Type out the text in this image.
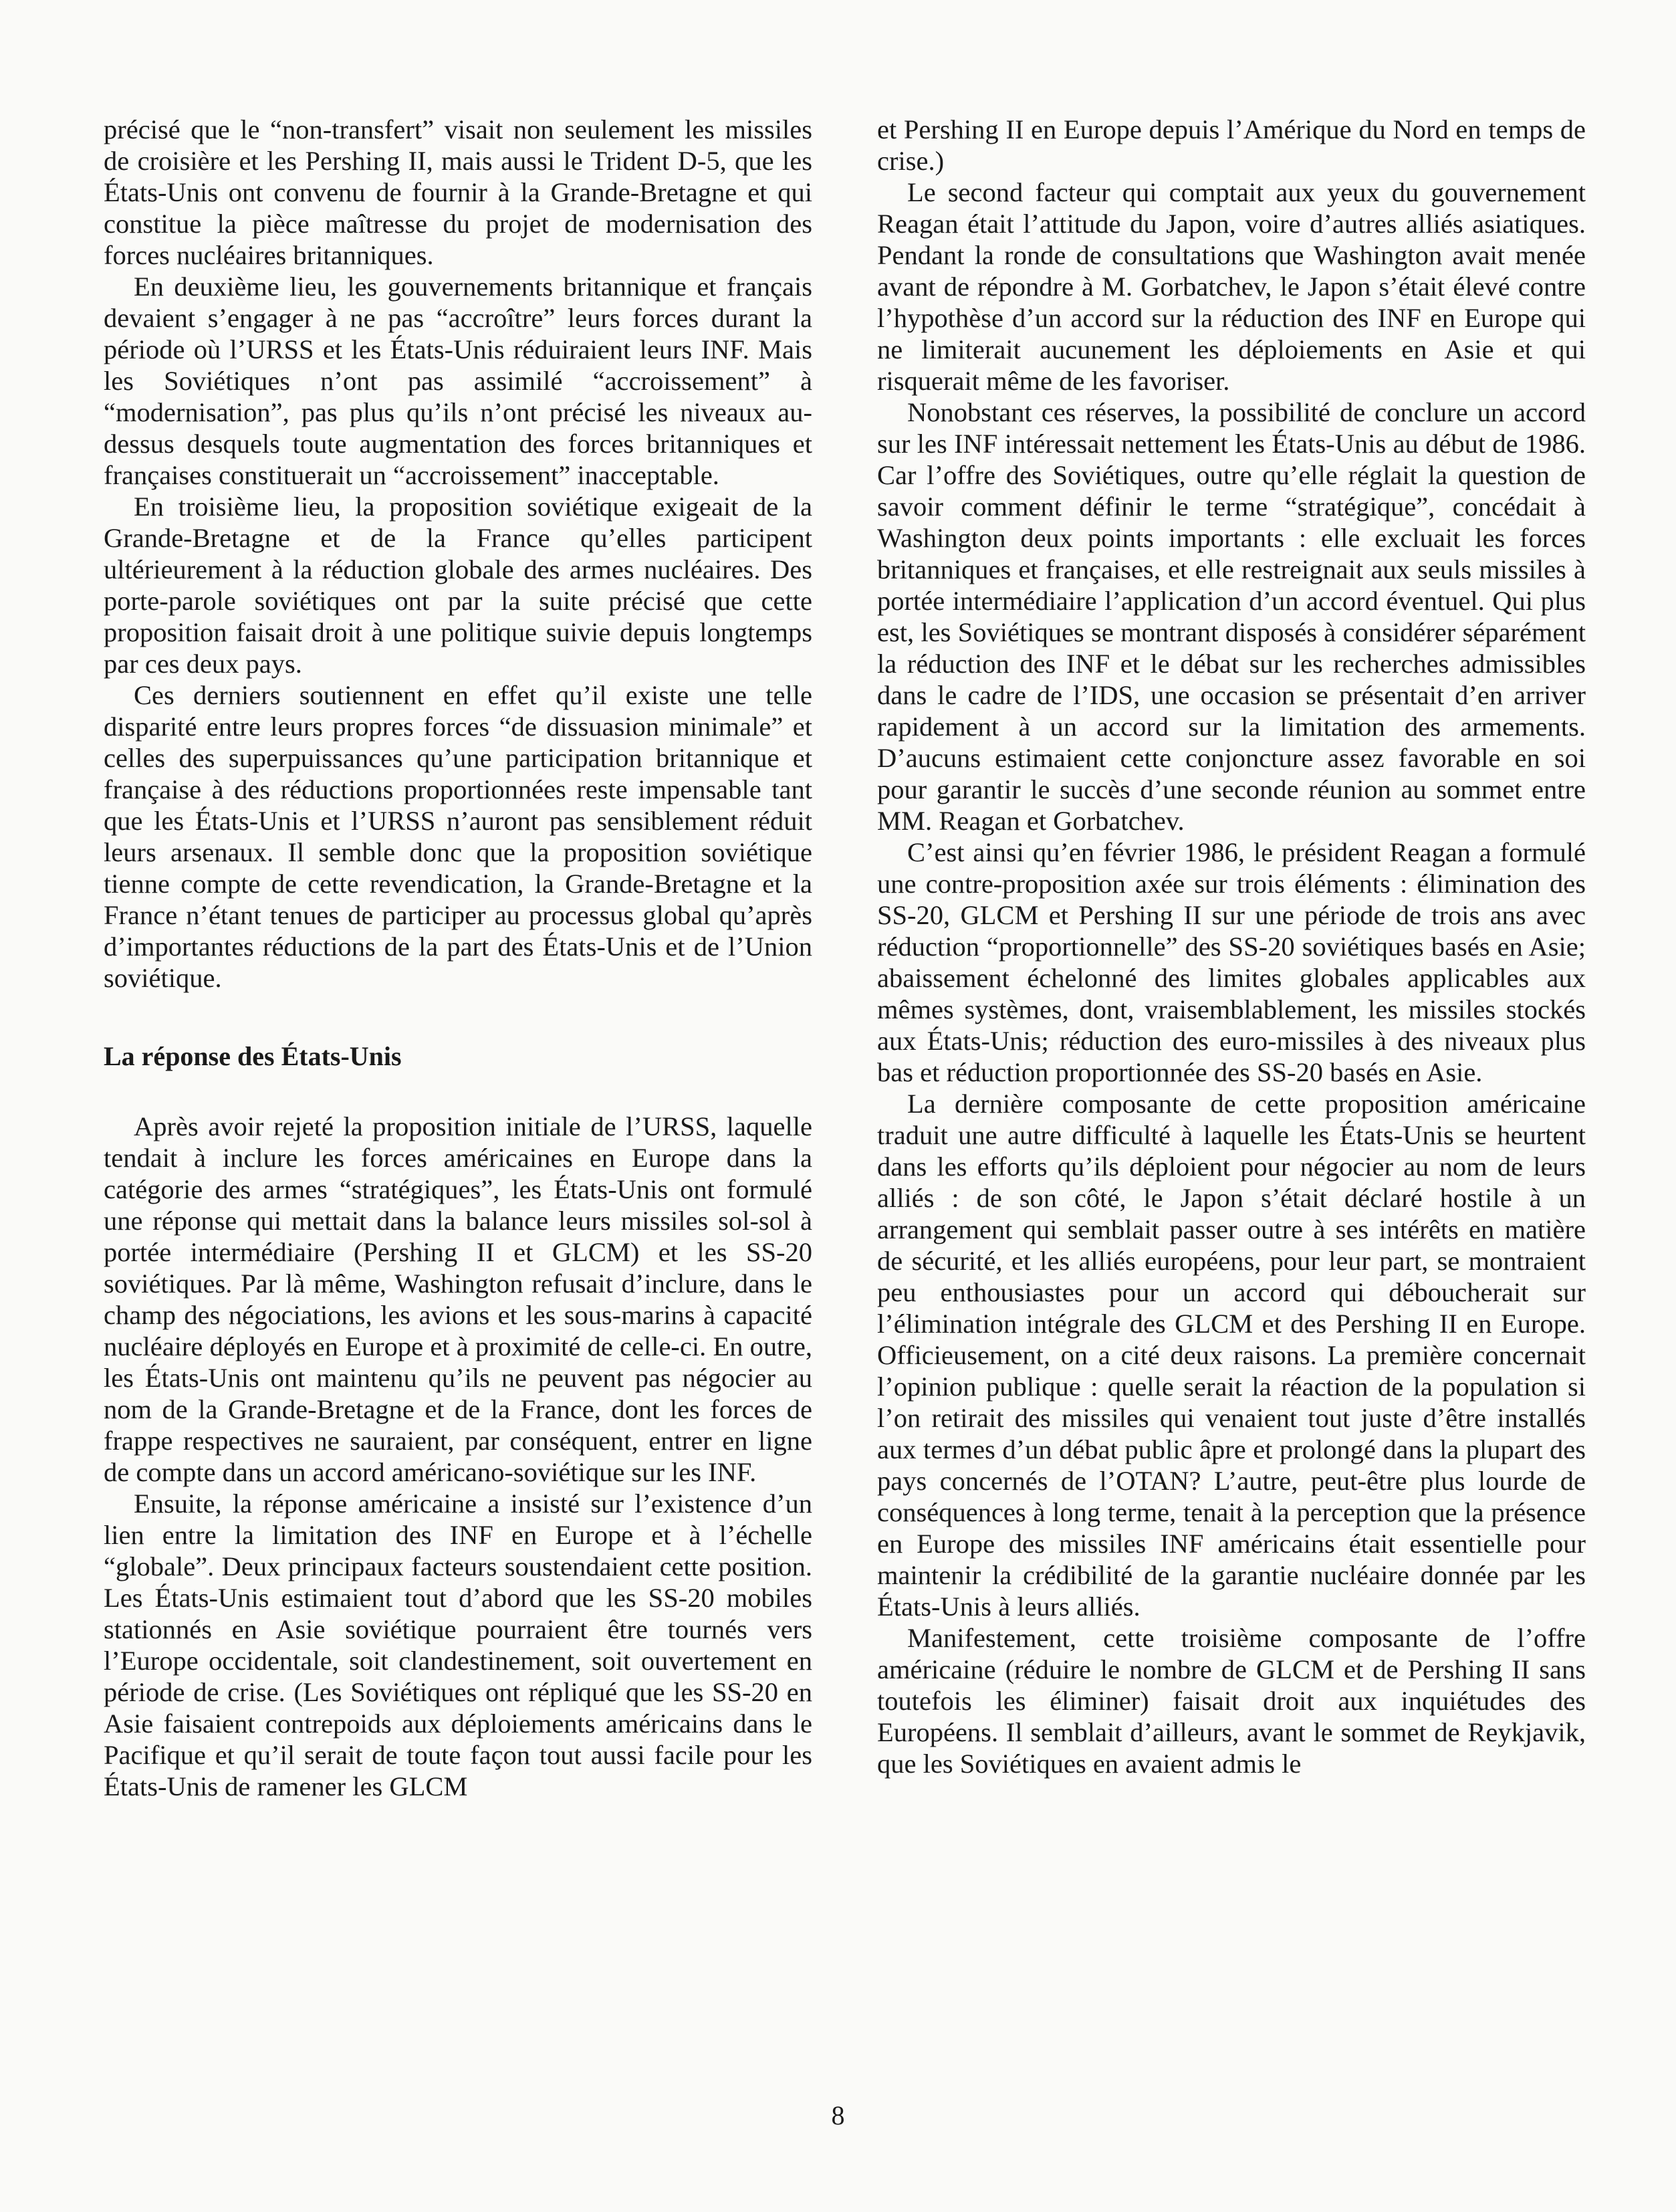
précisé que le “non-transfert” visait non seulement les missiles de croisière et les Pershing II, mais aussi le Trident D-5, que les États-Unis ont convenu de fournir à la Grande-Bretagne et qui constitue la pièce maîtresse du projet de modernisation des forces nucléaires britanniques.

En deuxième lieu, les gouvernements britannique et français devaient s’engager à ne pas “accroître” leurs forces durant la période où l’URSS et les États-Unis réduiraient leurs INF. Mais les Soviétiques n’ont pas assimilé “accroissement” à “modernisation”, pas plus qu’ils n’ont précisé les niveaux au-dessus desquels toute augmentation des forces britanniques et françaises constituerait un “accroissement” inacceptable.

En troisième lieu, la proposition soviétique exigeait de la Grande-Bretagne et de la France qu’elles participent ultérieurement à la réduction globale des armes nucléaires. Des porte-parole soviétiques ont par la suite précisé que cette proposition faisait droit à une politique suivie depuis longtemps par ces deux pays.

Ces derniers soutiennent en effet qu’il existe une telle disparité entre leurs propres forces “de dissuasion minimale” et celles des superpuissances qu’une participation britannique et française à des réductions proportionnées reste impensable tant que les États-Unis et l’URSS n’auront pas sensiblement réduit leurs arsenaux. Il semble donc que la proposition soviétique tienne compte de cette revendication, la Grande-Bretagne et la France n’étant tenues de participer au processus global qu’après d’importantes réductions de la part des États-Unis et de l’Union soviétique.

La réponse des États-Unis

Après avoir rejeté la proposition initiale de l’URSS, laquelle tendait à inclure les forces américaines en Europe dans la catégorie des armes “stratégiques”, les États-Unis ont formulé une réponse qui mettait dans la balance leurs missiles sol-sol à portée intermédiaire (Pershing II et GLCM) et les SS-20 soviétiques. Par là même, Washington refusait d’inclure, dans le champ des négociations, les avions et les sous-marins à capacité nucléaire déployés en Europe et à proximité de celle-ci. En outre, les États-Unis ont maintenu qu’ils ne peuvent pas négocier au nom de la Grande-Bretagne et de la France, dont les forces de frappe respectives ne sauraient, par conséquent, entrer en ligne de compte dans un accord américano-soviétique sur les INF.

Ensuite, la réponse américaine a insisté sur l’existence d’un lien entre la limitation des INF en Europe et à l’échelle “globale”. Deux principaux facteurs soustendaient cette position. Les États-Unis estimaient tout d’abord que les SS-20 mobiles stationnés en Asie soviétique pourraient être tournés vers l’Europe occidentale, soit clandestinement, soit ouvertement en période de crise. (Les Soviétiques ont répliqué que les SS-20 en Asie faisaient contrepoids aux déploiements américains dans le Pacifique et qu’il serait de toute façon tout aussi facile pour les États-Unis de ramener les GLCM

et Pershing II en Europe depuis l’Amérique du Nord en temps de crise.)

Le second facteur qui comptait aux yeux du gouvernement Reagan était l’attitude du Japon, voire d’autres alliés asiatiques. Pendant la ronde de consultations que Washington avait menée avant de répondre à M. Gorbatchev, le Japon s’était élevé contre l’hypothèse d’un accord sur la réduction des INF en Europe qui ne limiterait aucunement les déploiements en Asie et qui risquerait même de les favoriser.

Nonobstant ces réserves, la possibilité de conclure un accord sur les INF intéressait nettement les États-Unis au début de 1986. Car l’offre des Soviétiques, outre qu’elle réglait la question de savoir comment définir le terme “stratégique”, concédait à Washington deux points importants : elle excluait les forces britanniques et françaises, et elle restreignait aux seuls missiles à portée intermédiaire l’application d’un accord éventuel. Qui plus est, les Soviétiques se montrant disposés à considérer séparément la réduction des INF et le débat sur les recherches admissibles dans le cadre de l’IDS, une occasion se présentait d’en arriver rapidement à un accord sur la limitation des armements. D’aucuns estimaient cette conjoncture assez favorable en soi pour garantir le succès d’une seconde réunion au sommet entre MM. Reagan et Gorbatchev.

C’est ainsi qu’en février 1986, le président Reagan a formulé une contre-proposition axée sur trois éléments : élimination des SS-20, GLCM et Pershing II sur une période de trois ans avec réduction “proportionnelle” des SS-20 soviétiques basés en Asie; abaissement échelonné des limites globales applicables aux mêmes systèmes, dont, vraisemblablement, les missiles stockés aux États-Unis; réduction des euro-missiles à des niveaux plus bas et réduction proportionnée des SS-20 basés en Asie.

La dernière composante de cette proposition américaine traduit une autre difficulté à laquelle les États-Unis se heurtent dans les efforts qu’ils déploient pour négocier au nom de leurs alliés : de son côté, le Japon s’était déclaré hostile à un arrangement qui semblait passer outre à ses intérêts en matière de sécurité, et les alliés européens, pour leur part, se montraient peu enthousiastes pour un accord qui déboucherait sur l’élimination intégrale des GLCM et des Pershing II en Europe. Officieusement, on a cité deux raisons. La première concernait l’opinion publique : quelle serait la réaction de la population si l’on retirait des missiles qui venaient tout juste d’être installés aux termes d’un débat public âpre et prolongé dans la plupart des pays concernés de l’OTAN? L’autre, peut-être plus lourde de conséquences à long terme, tenait à la perception que la présence en Europe des missiles INF américains était essentielle pour maintenir la crédibilité de la garantie nucléaire donnée par les États-Unis à leurs alliés.

Manifestement, cette troisième composante de l’offre américaine (réduire le nombre de GLCM et de Pershing II sans toutefois les éliminer) faisait droit aux inquiétudes des Européens. Il semblait d’ailleurs, avant le sommet de Reykjavik, que les Soviétiques en avaient admis le

8
